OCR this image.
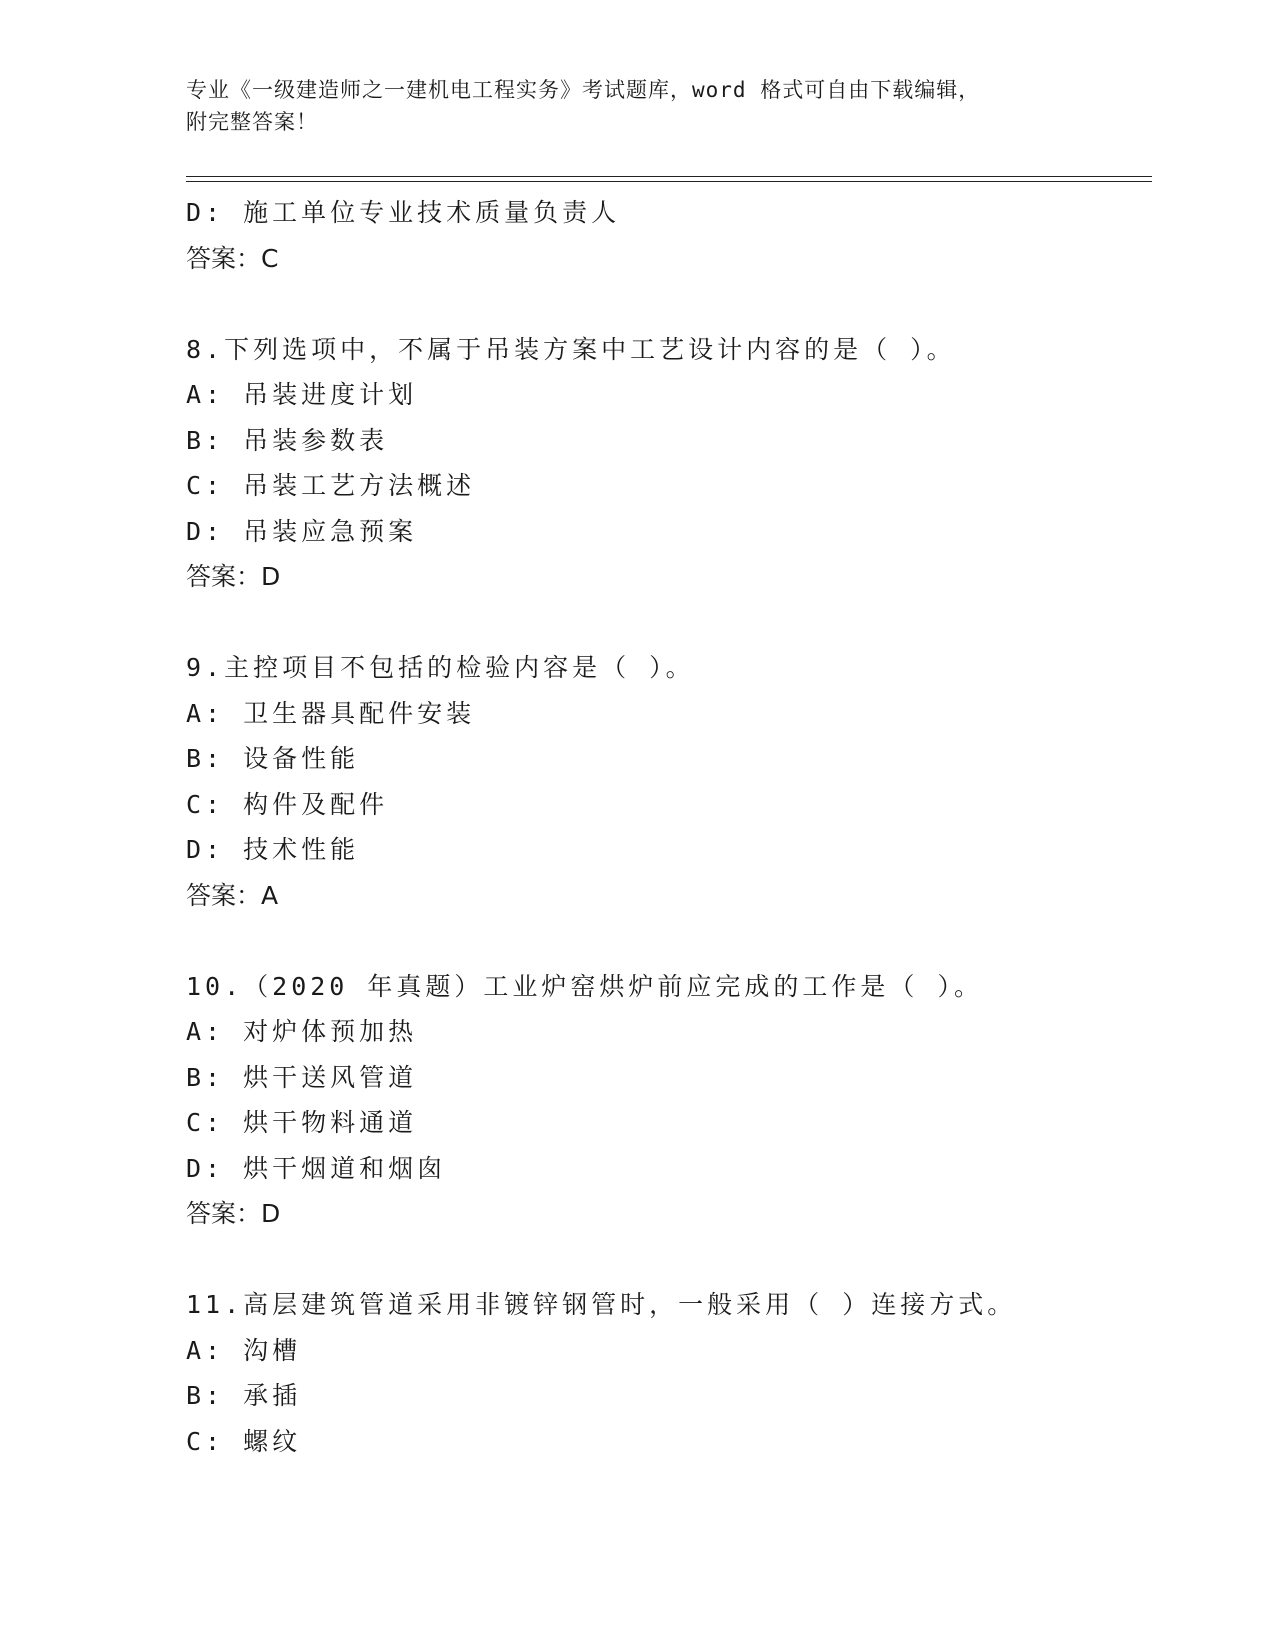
专业《一级建造师之一建机电工程实务》考试题库，word 格式可自由下载编辑，
附完整答案！
D: 施工单位专业技术质量负责人
答案：C
8.下列选项中，不属于吊装方案中工艺设计内容的是（ ）。
A: 吊装进度计划
B: 吊装参数表
C: 吊装工艺方法概述
D: 吊装应急预案
答案：D
9.主控项目不包括的检验内容是（ ）。
A: 卫生器具配件安装
B: 设备性能
C: 构件及配件
D: 技术性能
答案：A
10.（2020 年真题）工业炉窑烘炉前应完成的工作是（ ）。
A: 对炉体预加热
B: 烘干送风管道
C: 烘干物料通道
D: 烘干烟道和烟囱
答案：D
11.高层建筑管道采用非镀锌钢管时，一般采用（ ）连接方式。
A: 沟槽
B: 承插
C: 螺纹
